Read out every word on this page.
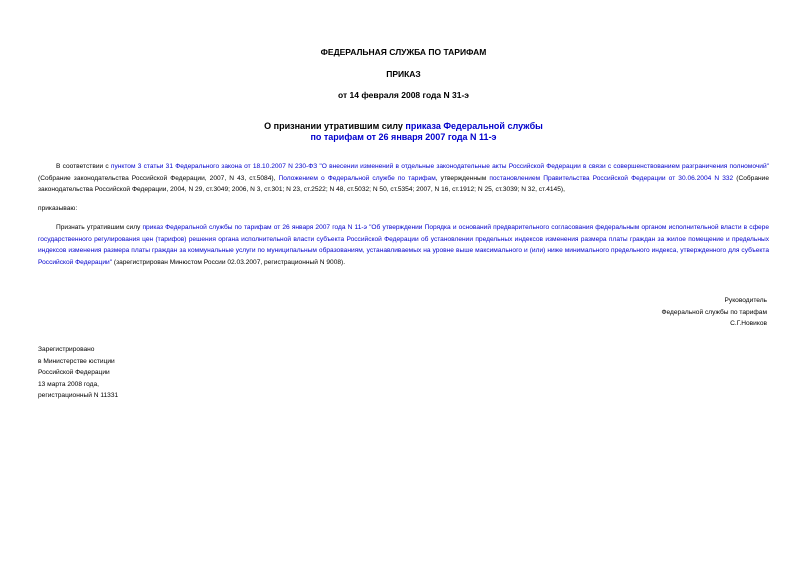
ФЕДЕРАЛЬНАЯ СЛУЖБА ПО ТАРИФАМ
ПРИКАЗ
от 14 февраля 2008 года N 31-э
О признании утратившим силу приказа Федеральной службы
по тарифам от 26 января 2007 года N 11-э
В соответствии с пунктом 3 статьи 31 Федерального закона от 18.10.2007 N 230-ФЗ "О внесении изменений в отдельные законодательные акты Российской Федерации в связи с совершенствованием разграничения полномочий" (Собрание законодательства Российской Федерации, 2007, N 43, ст.5084), Положением о Федеральной службе по тарифам, утвержденным постановлением Правительства Российской Федерации от 30.06.2004 N 332 (Собрание законодательства Российской Федерации, 2004, N 29, ст.3049; 2006, N 3, ст.301; N 23, ст.2522; N 48, ст.5032; N 50, ст.5354; 2007, N 16, ст.1912; N 25, ст.3039; N 32, ст.4145),
приказываю:
Признать утратившим силу приказ Федеральной службы по тарифам от 26 января 2007 года N 11-э "Об утверждении Порядка и оснований предварительного согласования федеральным органом исполнительной власти в сфере государственного регулирования цен (тарифов) решения органа исполнительной власти субъекта Российской Федерации об установлении предельных индексов изменения размера платы граждан за жилое помещение и предельных индексов изменения размера платы граждан за коммунальные услуги по муниципальным образованиям, устанавливаемых на уровне выше максимального и (или) ниже минимального предельного индекса, утвержденного для субъекта Российской Федерации" (зарегистрирован Минюстом России 02.03.2007, регистрационный N 9008).
Руководитель
Федеральной службы по тарифам
С.Г.Новиков
Зарегистрировано
в Министерстве юстиции
Российской Федерации
13 марта 2008 года,
регистрационный N 11331
